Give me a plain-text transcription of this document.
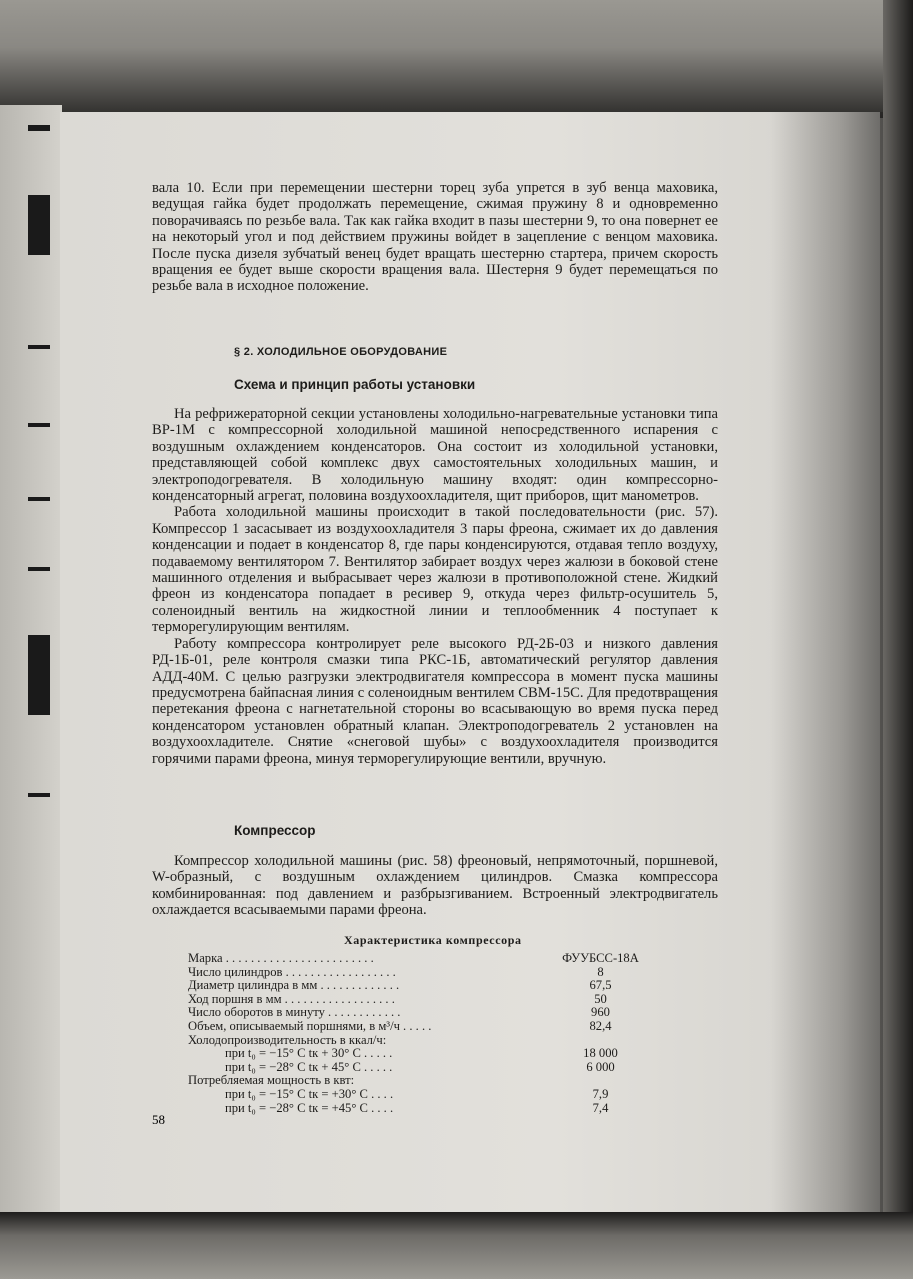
вала 10. Если при перемещении шестерни торец зуба упрется в зуб венца маховика, ведущая гайка будет продолжать перемещение, сжимая пружину 8 и одновременно поворачиваясь по резьбе вала. Так как гайка входит в пазы шестерни 9, то она повернет ее на некоторый угол и под действием пружины войдет в зацепление с венцом маховика. После пуска дизеля зубчатый венец будет вращать шестерню стартера, причем скорость вращения ее будет выше скорости вращения вала. Шестерня 9 будет перемещаться по резьбе вала в исходное положение.

§ 2. ХОЛОДИЛЬНОЕ ОБОРУДОВАНИЕ
Схема и принцип работы установки

На рефрижераторной секции установлены холодильно-нагревательные установки типа ВР-1М с компрессорной холодильной машиной непосредственного испарения с воздушным охлаждением конденсаторов. Она состоит из холодильной установки, представляющей собой комплекс двух самостоятельных холодильных машин, и электроподогревателя. В холодильную машину входят: один компрессорно-конденсаторный агрегат, половина воздухоохладителя, щит приборов, щит манометров.

Работа холодильной машины происходит в такой последовательности (рис. 57). Компрессор 1 засасывает из воздухоохладителя 3 пары фреона, сжимает их до давления конденсации и подает в конденсатор 8, где пары конденсируются, отдавая тепло воздуху, подаваемому вентилятором 7. Вентилятор забирает воздух через жалюзи в боковой стене машинного отделения и выбрасывает через жалюзи в противоположной стене. Жидкий фреон из конденсатора попадает в ресивер 9, откуда через фильтр-осушитель 5, соленоидный вентиль на жидкостной линии и теплообменник 4 поступает к терморегулирующим вентилям.

Работу компрессора контролирует реле высокого РД-2Б-03 и низкого давления РД-1Б-01, реле контроля смазки типа РКС-1Б, автоматический регулятор давления АДД-40М. С целью разгрузки электродвигателя компрессора в момент пуска машины предусмотрена байпасная линия с соленоидным вентилем СВМ-15С. Для предотвращения перетекания фреона с нагнетательной стороны во всасывающую во время пуска перед конденсатором установлен обратный клапан. Электроподогреватель 2 установлен на воздухоохладителе. Снятие «снеговой шубы» с воздухоохладителя производится горячими парами фреона, минуя терморегулирующие вентили, вручную.

Компрессор

Компрессор холодильной машины (рис. 58) фреоновый, непрямоточный, поршневой, W-образный, с воздушным охлаждением цилиндров. Смазка компрессора комбинированная: под давлением и разбрызгиванием. Встроенный электродвигатель охлаждается всасываемыми парами фреона.

Характеристика компрессора
Марка . . . . . . . . . . . . . . . . . . . . . . . .	ФУУБСС-18А
Число цилиндров . . . . . . . . . . . . . . . . . .	8
Диаметр цилиндра в мм . . . . . . . . . . . . .	67,5
Ход поршня в мм . . . . . . . . . . . . . . . . . .	50
Число оборотов в минуту . . . . . . . . . . . .	960
Объем, описываемый поршнями, в м³/ч . . . . .	82,4
Холодопроизводительность в ккал/ч:
при t₀ = −15° С tк + 30° С . . . . .	18 000
при t₀ = −28° С tк + 45° С . . . . .	6 000
Потребляемая мощность в квт:
при t₀ = −15° С tк = +30° С . . . .	7,9
при t₀ = −28° С tк = +45° С . . . .	7,4
58
